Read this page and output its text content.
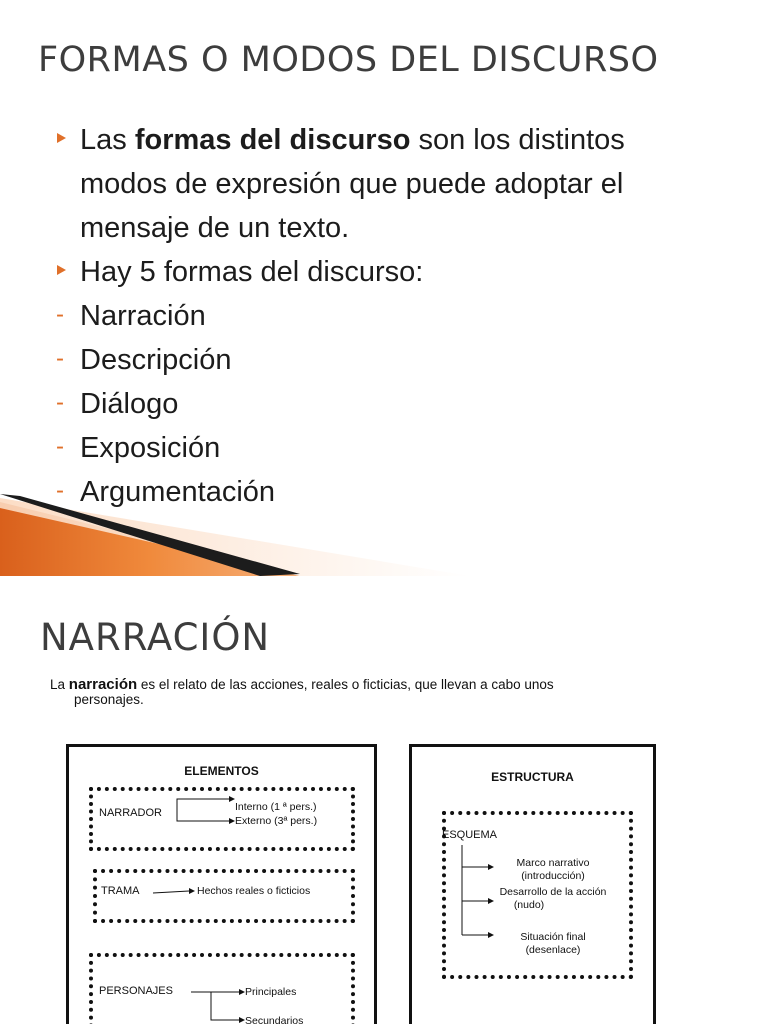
FORMAS O MODOS DEL DISCURSO
Las formas del discurso son los distintos
modos de expresión que puede adoptar el
mensaje de un texto.
Hay 5 formas del discurso:
- Narración
- Descripción
- Diálogo
- Exposición
- Argumentación
NARRACIÓN

La narración es el relato de las acciones, reales o ficticias, que llevan a cabo unos
personajes.

ELEMENTOS
NARRADOR	Interno (1 ª pers.)
Externo (3ª pers.)
TRAMA	Hechos reales o ficticios
PERSONAJES	Principales
Secundarios
ESTRUCTURA
ESQUEMA
Marco narrativo
(introducción)
Desarrollo de la acción
(nudo)
Situación final
(desenlace)
